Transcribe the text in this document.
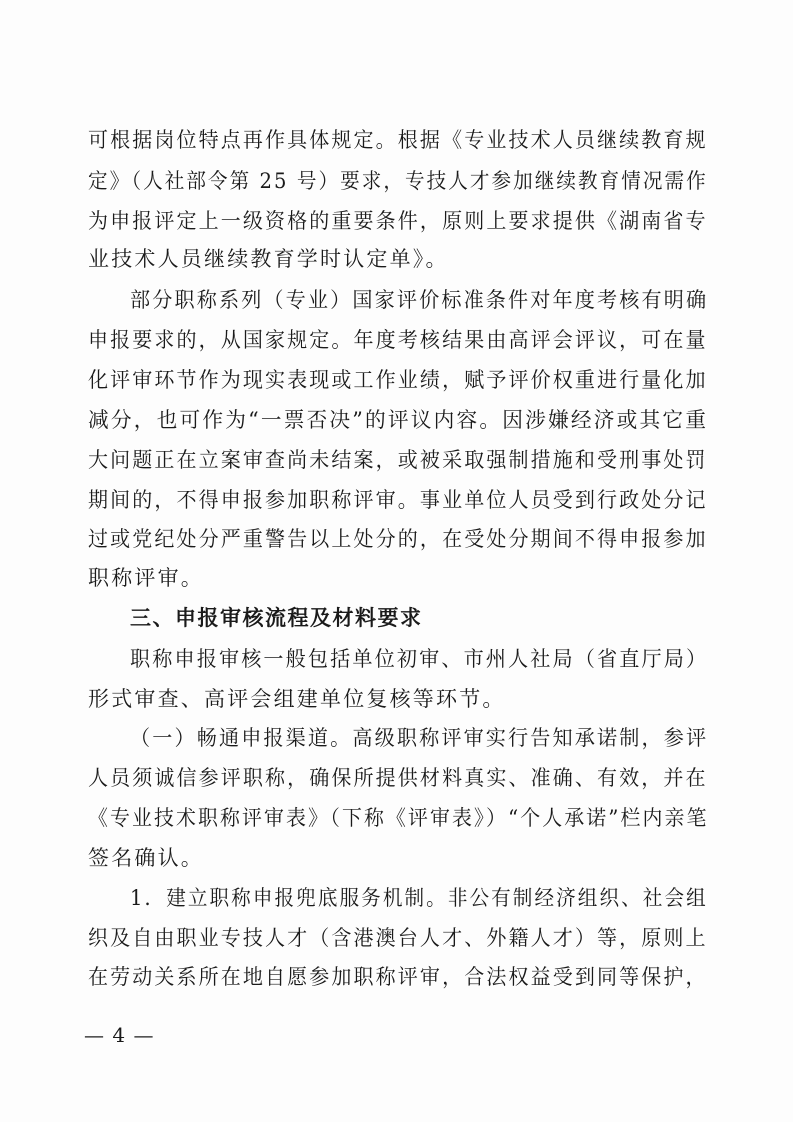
可根据岗位特点再作具体规定。根据《专业技术人员继续教育规
定》（人社部令第 25 号）要求，专技人才参加继续教育情况需作
为申报评定上一级资格的重要条件，原则上要求提供《湖南省专
业技术人员继续教育学时认定单》。
部分职称系列（专业）国家评价标准条件对年度考核有明确
申报要求的，从国家规定。年度考核结果由高评会评议，可在量
化评审环节作为现实表现或工作业绩，赋予评价权重进行量化加
减分，也可作为“一票否决”的评议内容。因涉嫌经济或其它重
大问题正在立案审查尚未结案，或被采取强制措施和受刑事处罚
期间的，不得申报参加职称评审。事业单位人员受到行政处分记
过或党纪处分严重警告以上处分的，在受处分期间不得申报参加
职称评审。
三、申报审核流程及材料要求
职称申报审核一般包括单位初审、市州人社局（省直厅局）
形式审查、高评会组建单位复核等环节。
（一）畅通申报渠道。高级职称评审实行告知承诺制，参评
人员须诚信参评职称，确保所提供材料真实、准确、有效，并在
《专业技术职称评审表》（下称《评审表》）“个人承诺”栏内亲笔
签名确认。
1．建立职称申报兜底服务机制。非公有制经济组织、社会组
织及自由职业专技人才（含港澳台人才、外籍人才）等，原则上
在劳动关系所在地自愿参加职称评审，合法权益受到同等保护，
— 4 —
